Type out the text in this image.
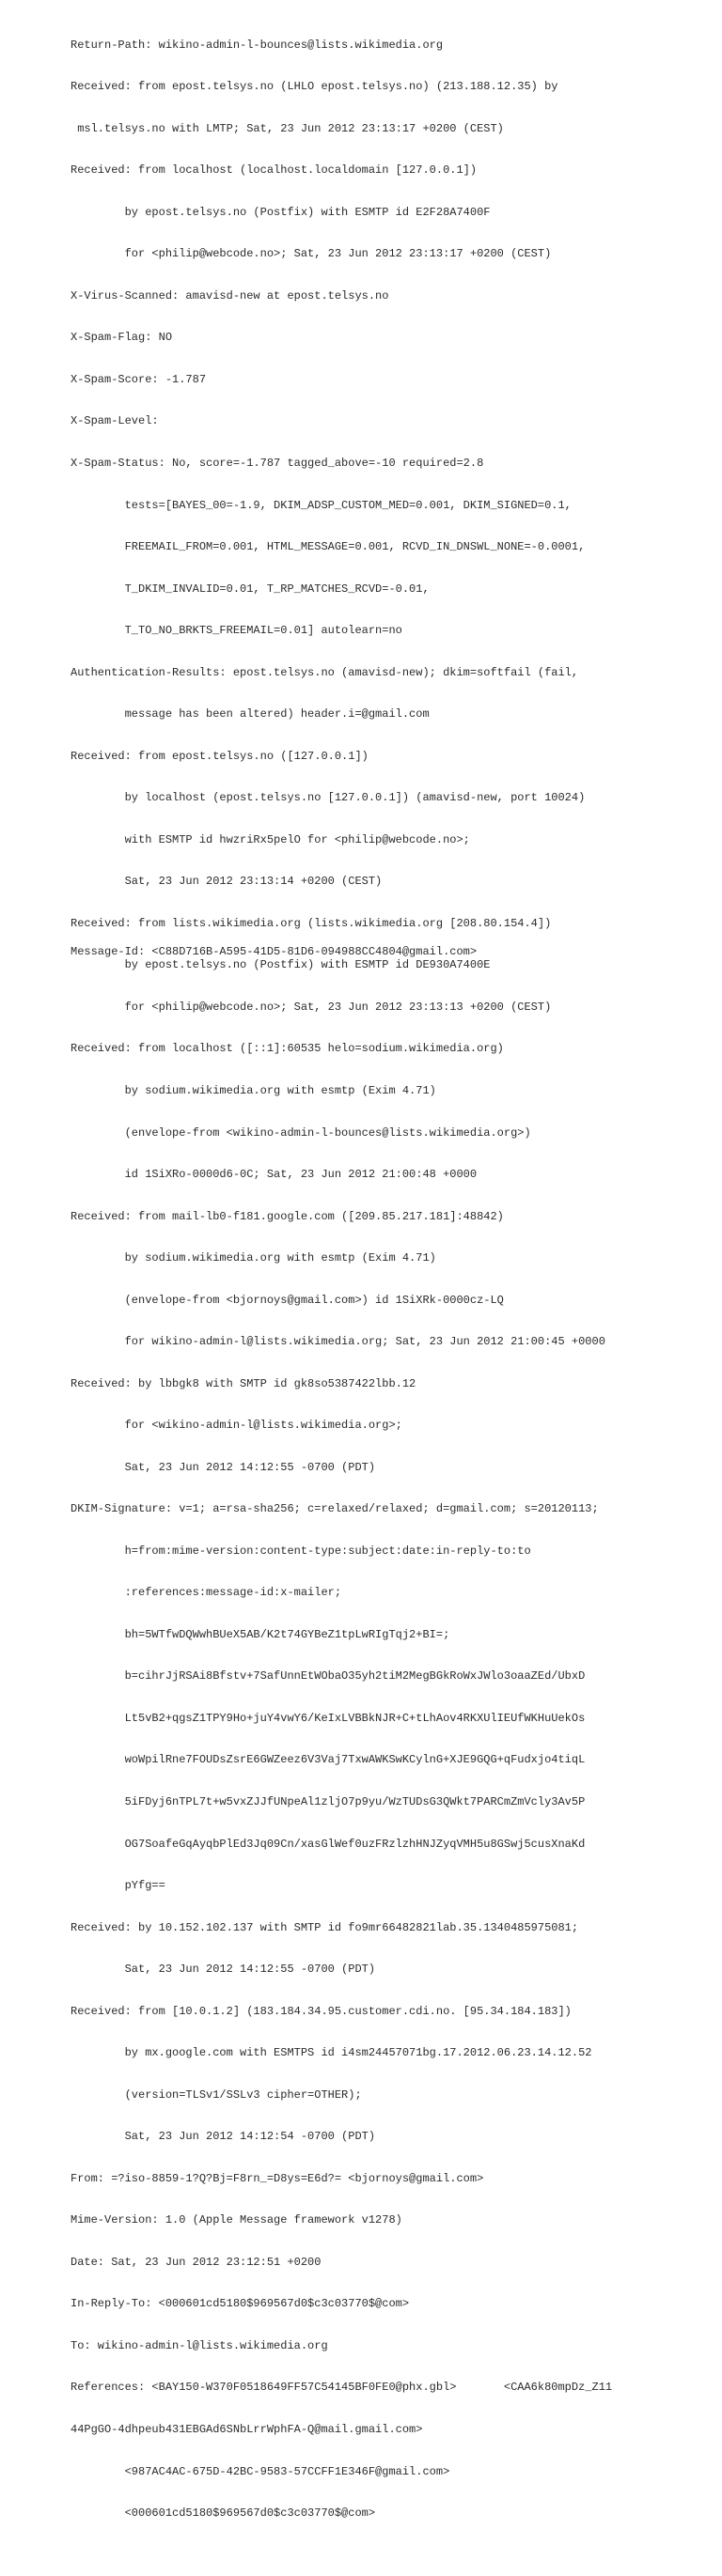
Return-Path: wikino-admin-l-bounces@lists.wikimedia.org

Received: from epost.telsys.no (LHLO epost.telsys.no) (213.188.12.35) by

msl.telsys.no with LMTP; Sat, 23 Jun 2012 23:13:17 +0200 (CEST)

Received: from localhost (localhost.localdomain [127.0.0.1])

by epost.telsys.no (Postfix) with ESMTP id E2F28A7400F

for <philip@webcode.no>; Sat, 23 Jun 2012 23:13:17 +0200 (CEST)

X-Virus-Scanned: amavisd-new at epost.telsys.no

X-Spam-Flag: NO

X-Spam-Score: -1.787

X-Spam-Level:

X-Spam-Status: No, score=-1.787 tagged_above=-10 required=2.8

tests=[BAYES_00=-1.9, DKIM_ADSP_CUSTOM_MED=0.001, DKIM_SIGNED=0.1,

FREEMAIL_FROM=0.001, HTML_MESSAGE=0.001, RCVD_IN_DNSWL_NONE=-0.0001,

T_DKIM_INVALID=0.01, T_RP_MATCHES_RCVD=-0.01,

T_TO_NO_BRKTS_FREEMAIL=0.01] autolearn=no

Authentication-Results: epost.telsys.no (amavisd-new); dkim=softfail (fail,

message has been altered) header.i=@gmail.com

Received: from epost.telsys.no ([127.0.0.1])

by localhost (epost.telsys.no [127.0.0.1]) (amavisd-new, port 10024)

with ESMTP id hwzriRx5pelO for <philip@webcode.no>;

Sat, 23 Jun 2012 23:13:14 +0200 (CEST)

Received: from lists.wikimedia.org (lists.wikimedia.org [208.80.154.4])

by epost.telsys.no (Postfix) with ESMTP id DE930A7400E

for <philip@webcode.no>; Sat, 23 Jun 2012 23:13:13 +0200 (CEST)

Received: from localhost ([::1]:60535 helo=sodium.wikimedia.org)

by sodium.wikimedia.org with esmtp (Exim 4.71)

(envelope-from <wikino-admin-l-bounces@lists.wikimedia.org>)

id 1SiXRo-0000d6-0C; Sat, 23 Jun 2012 21:00:48 +0000

Received: from mail-lb0-f181.google.com ([209.85.217.181]:48842)

by sodium.wikimedia.org with esmtp (Exim 4.71)

(envelope-from <bjornoys@gmail.com>) id 1SiXRk-0000cz-LQ

for wikino-admin-l@lists.wikimedia.org; Sat, 23 Jun 2012 21:00:45 +0000

Received: by lbbgk8 with SMTP id gk8so5387422lbb.12

for <wikino-admin-l@lists.wikimedia.org>;

Sat, 23 Jun 2012 14:12:55 -0700 (PDT)

DKIM-Signature: v=1; a=rsa-sha256; c=relaxed/relaxed; d=gmail.com; s=20120113;

h=from:mime-version:content-type:subject:date:in-reply-to:to

:references:message-id:x-mailer;

bh=5WTfwDQWwhBUeX5AB/K2t74GYBeZ1tpLwRIgTqj2+BI=;

b=cihrJjRSAi8Bfstv+7SafUnnEtWObaO35yh2tiM2MegBGkRoWxJWlo3oaaZEd/UbxD

Lt5vB2+qgsZ1TPY9Ho+juY4vwY6/KeIxLVBBkNJR+C+tLhAov4RKXUlIEUfWKHuUekOs

woWpilRne7FOUDsZsrE6GWZeez6V3Vaj7TxwAWKSwKCylnG+XJE9GQG+qFudxjo4tiqL

5iFDyj6nTPL7t+w5vxZJJfUNpeAl1zljO7p9yu/WzTUDsG3QWkt7PARCmZmVcly3Av5P

OG7SoafeGqAyqbPlEd3Jq09Cn/xasGlWef0uzFRzlzhHNJZyqVMH5u8GSwj5cusXnaKd

pYfg==

Received: by 10.152.102.137 with SMTP id fo9mr66482821lab.35.1340485975081;

Sat, 23 Jun 2012 14:12:55 -0700 (PDT)

Received: from [10.0.1.2] (183.184.34.95.customer.cdi.no. [95.34.184.183])

by mx.google.com with ESMTPS id i4sm24457071bg.17.2012.06.23.14.12.52

(version=TLSv1/SSLv3 cipher=OTHER);

Sat, 23 Jun 2012 14:12:54 -0700 (PDT)

From: =?iso-8859-1?Q?Bj=F8rn_=D8ys=E6d?= <bjornoys@gmail.com>

Mime-Version: 1.0 (Apple Message framework v1278)

Date: Sat, 23 Jun 2012 23:12:51 +0200

In-Reply-To: <000601cd5180$969567d0$c3c03770$@com>

To: wikino-admin-l@lists.wikimedia.org

References: <BAY150-W370F0518649FF57C54145BF0FE0@phx.gbl>       <CAA6k80mpDz_Z11

44PgGO-4dhpeub431EBGAd6SNbLrrWphFA-Q@mail.gmail.com>

<987AC4AC-675D-42BC-9583-57CCFF1E346F@gmail.com>

<000601cd5180$969567d0$c3c03770$@com>

Message-Id: <C88D716B-A595-41D5-81D6-094988CC4804@gmail.com>
